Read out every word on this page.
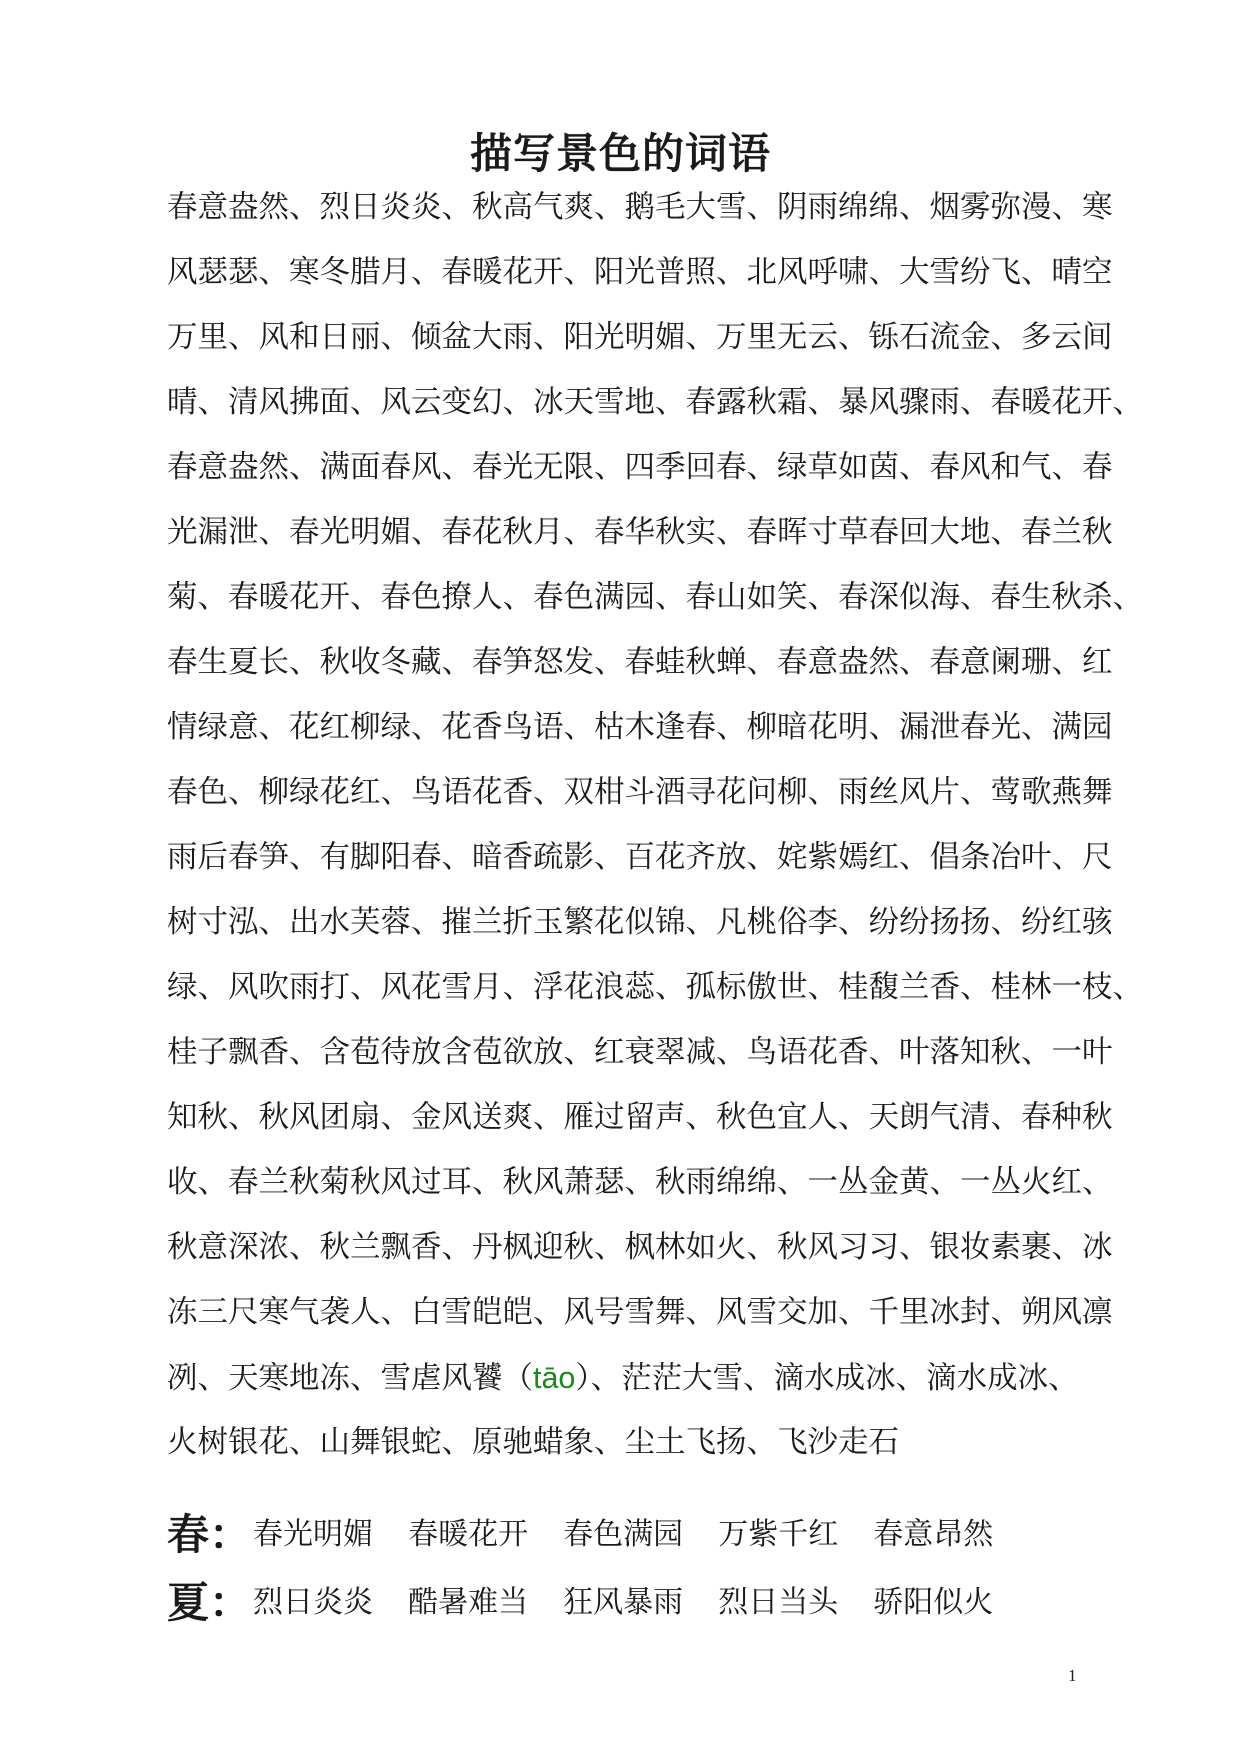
描写景色的词语
春意盎然、烈日炎炎、秋高气爽、鹅毛大雪、阴雨绵绵、烟雾弥漫、寒
风瑟瑟、寒冬腊月、春暖花开、阳光普照、北风呼啸、大雪纷飞、晴空
万里、风和日丽、倾盆大雨、阳光明媚、万里无云、铄石流金、多云间
晴、清风拂面、风云变幻、冰天雪地、春露秋霜、暴风骤雨、春暖花开、
春意盎然、满面春风、春光无限、四季回春、绿草如茵、春风和气、春
光漏泄、春光明媚、春花秋月、春华秋实、春晖寸草春回大地、春兰秋
菊、春暖花开、春色撩人、春色满园、春山如笑、春深似海、春生秋杀、
春生夏长、秋收冬藏、春笋怒发、春蛙秋蝉、春意盎然、春意阑珊、红
情绿意、花红柳绿、花香鸟语、枯木逢春、柳暗花明、漏泄春光、满园
春色、柳绿花红、鸟语花香、双柑斗酒寻花问柳、雨丝风片、莺歌燕舞
雨后春笋、有脚阳春、暗香疏影、百花齐放、姹紫嫣红、倡条冶叶、尺
树寸泓、出水芙蓉、摧兰折玉繁花似锦、凡桃俗李、纷纷扬扬、纷红骇
绿、风吹雨打、风花雪月、浮花浪蕊、孤标傲世、桂馥兰香、桂林一枝、
桂子飘香、含苞待放含苞欲放、红衰翠减、鸟语花香、叶落知秋、一叶
知秋、秋风团扇、金风送爽、雁过留声、秋色宜人、天朗气清、春种秋
收、春兰秋菊秋风过耳、秋风萧瑟、秋雨绵绵、一丛金黄、一丛火红、
秋意深浓、秋兰飘香、丹枫迎秋、枫林如火、秋风习习、银妆素裹、冰
冻三尺寒气袭人、白雪皑皑、风号雪舞、风雪交加、千里冰封、朔风凛
冽、天寒地冻、雪虐风饕（tāo）、茫茫大雪、滴水成冰、滴水成冰、
火树银花、山舞银蛇、原驰蜡象、尘土飞扬、飞沙走石
春：春光明媚  春暖花开  春色满园  万紫千红  春意昂然
夏：烈日炎炎  酷暑难当  狂风暴雨  烈日当头  骄阳似火
1
